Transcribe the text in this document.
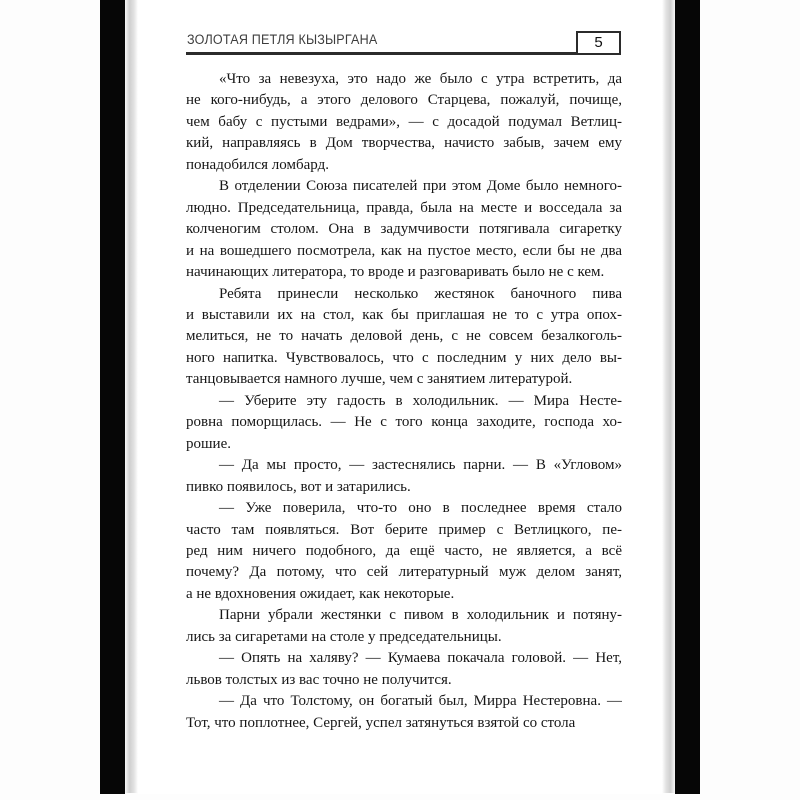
ЗОЛОТАЯ ПЕТЛЯ КЫЗЫРГАНА	5

«Что за невезуха, это надо же было с утра встретить, да
не кого-нибудь, а этого делового Старцева, пожалуй, почище,
чем бабу с пустыми ведрами», — с досадой подумал Ветлиц-
кий, направляясь в Дом творчества, начисто забыв, зачем ему
понадобился ломбард.

В отделении Союза писателей при этом Доме было немного-
людно. Председательница, правда, была на месте и восседала за
колченогим столом. Она в задумчивости потягивала сигаретку
и на вошедшего посмотрела, как на пустое место, если бы не два
начинающих литератора, то вроде и разговаривать было не с кем.

Ребята принесли несколько жестянок баночного пива
и выставили их на стол, как бы приглашая не то с утра опох-
мелиться, не то начать деловой день, с не совсем безалкоголь-
ного напитка. Чувствовалось, что с последним у них дело вы-
танцовывается намного лучше, чем с занятием литературой.

— Уберите эту гадость в холодильник. — Мира Несте-
ровна поморщилась. — Не с того конца заходите, господа хо-
рошие.

— Да мы просто, — застеснялись парни. — В «Угловом»
пивко появилось, вот и затарились.

— Уже поверила, что-то оно в последнее время стало
часто там появляться. Вот берите пример с Ветлицкого, пе-
ред ним ничего подобного, да ещё часто, не является, а всё
почему? Да потому, что сей литературный муж делом занят,
а не вдохновения ожидает, как некоторые.

Парни убрали жестянки с пивом в холодильник и потяну-
лись за сигаретами на столе у председательницы.

— Опять на халяву? — Кумаева покачала головой. — Нет,
львов толстых из вас точно не получится.

— Да что Толстому, он богатый был, Мирра Нестеровна. —
Тот, что поплотнее, Сергей, успел затянуться взятой со стола
